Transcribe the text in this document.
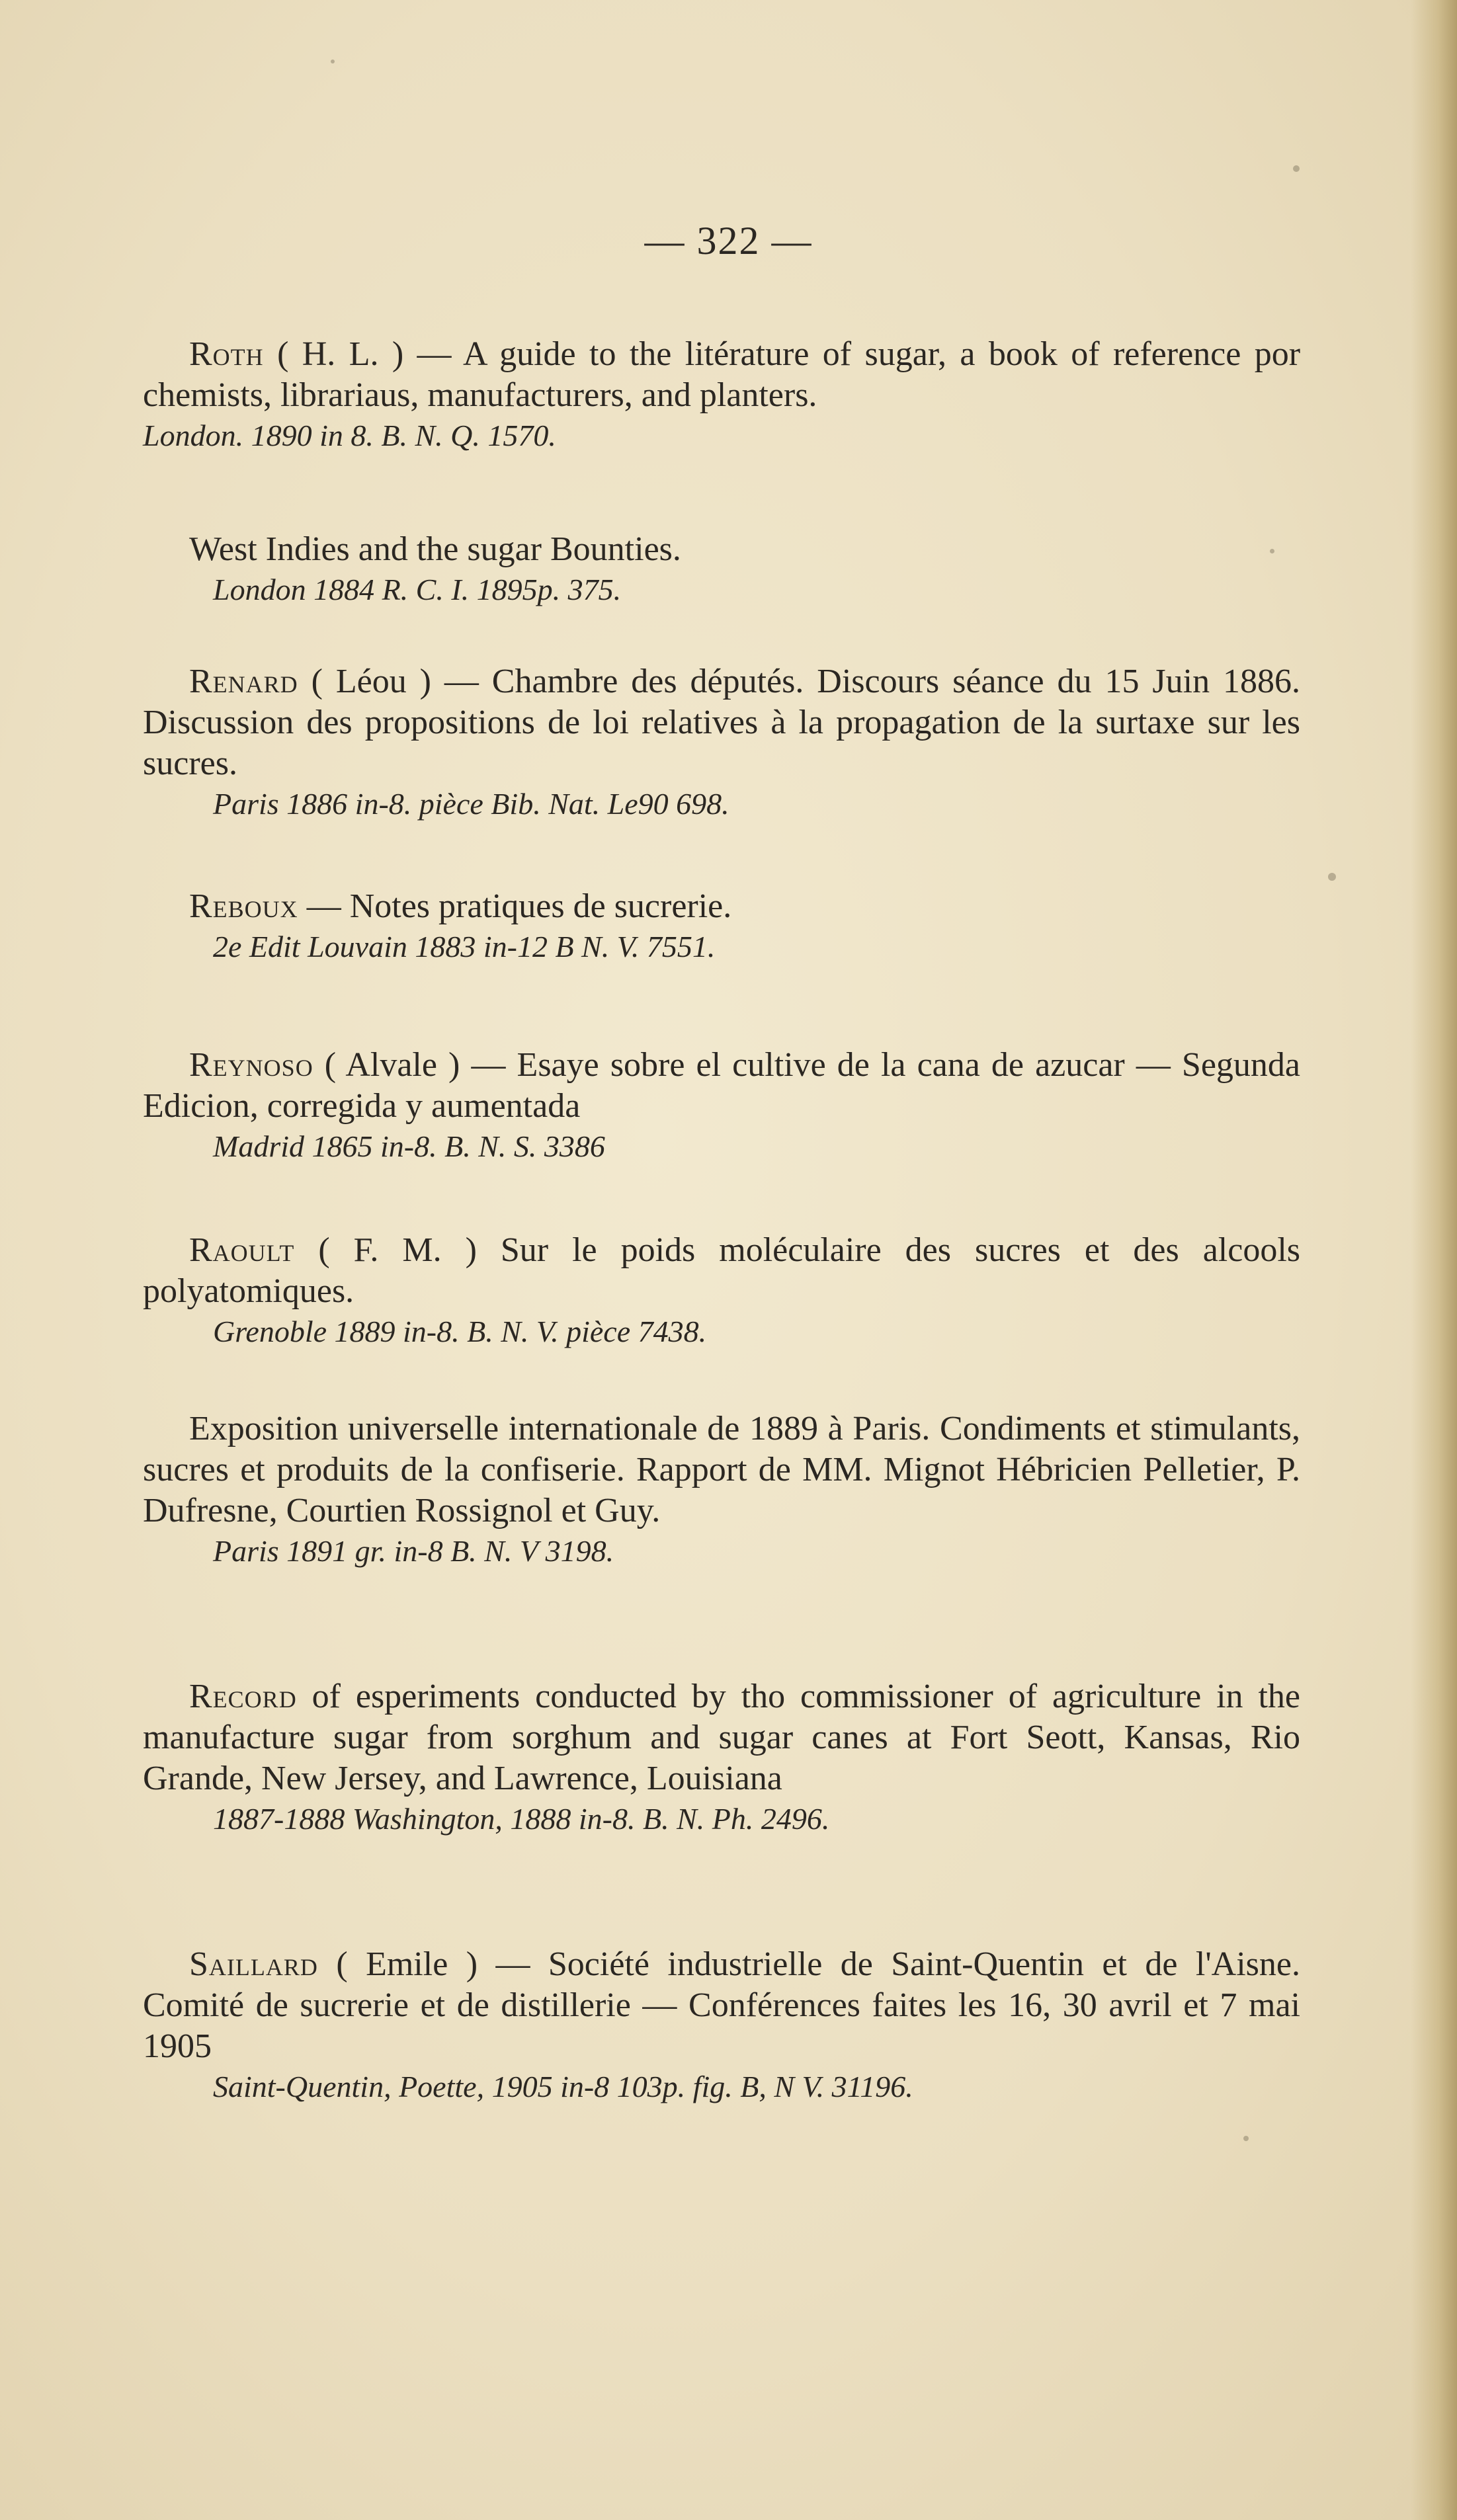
— 322 —

Roth ( H. L. ) — A guide to the litérature of sugar, a book of reference por chemists, librariaus, manufacturers, and planters.

London. 1890 in 8. B. N. Q. 1570.

West Indies and the sugar Bounties.

London 1884 R. C. I. 1895p. 375.

Renard ( Léou ) — Chambre des députés. Discours séance du 15 Juin 1886. Discussion des propositions de loi relatives à la propagation de la surtaxe sur les sucres.

Paris 1886 in-8. pièce Bib. Nat. Le90 698.

Reboux — Notes pratiques de sucrerie.

2e Edit Louvain 1883 in-12 B N. V. 7551.

Reynoso ( Alvale ) — Esaye sobre el cultive de la cana de azucar — Segunda Edicion, corregida y aumentada

Madrid 1865 in-8. B. N. S. 3386

Raoult ( F. M. ) Sur le poids moléculaire des sucres et des alcools polyatomiques.

Grenoble 1889 in-8. B. N. V. pièce 7438.

Exposition universelle internationale de 1889 à Paris. Condiments et stimulants, sucres et produits de la confiserie. Rapport de MM. Mignot Hébricien Pelletier, P. Dufresne, Courtien Rossignol et Guy.

Paris 1891 gr. in-8 B. N. V 3198.

Record of esperiments conducted by tho commissioner of agriculture in the manufacture sugar from sorghum and sugar canes at Fort Seott, Kansas, Rio Grande, New Jersey, and Lawrence, Louisiana

1887-1888 Washington, 1888 in-8. B. N. Ph. 2496.

Saillard ( Emile ) — Société industrielle de Saint-Quentin et de l'Aisne. Comité de sucrerie et de distillerie — Conférences faites les 16, 30 avril et 7 mai 1905

Saint-Quentin, Poette, 1905 in-8 103p. fig. B, N V. 31196.
